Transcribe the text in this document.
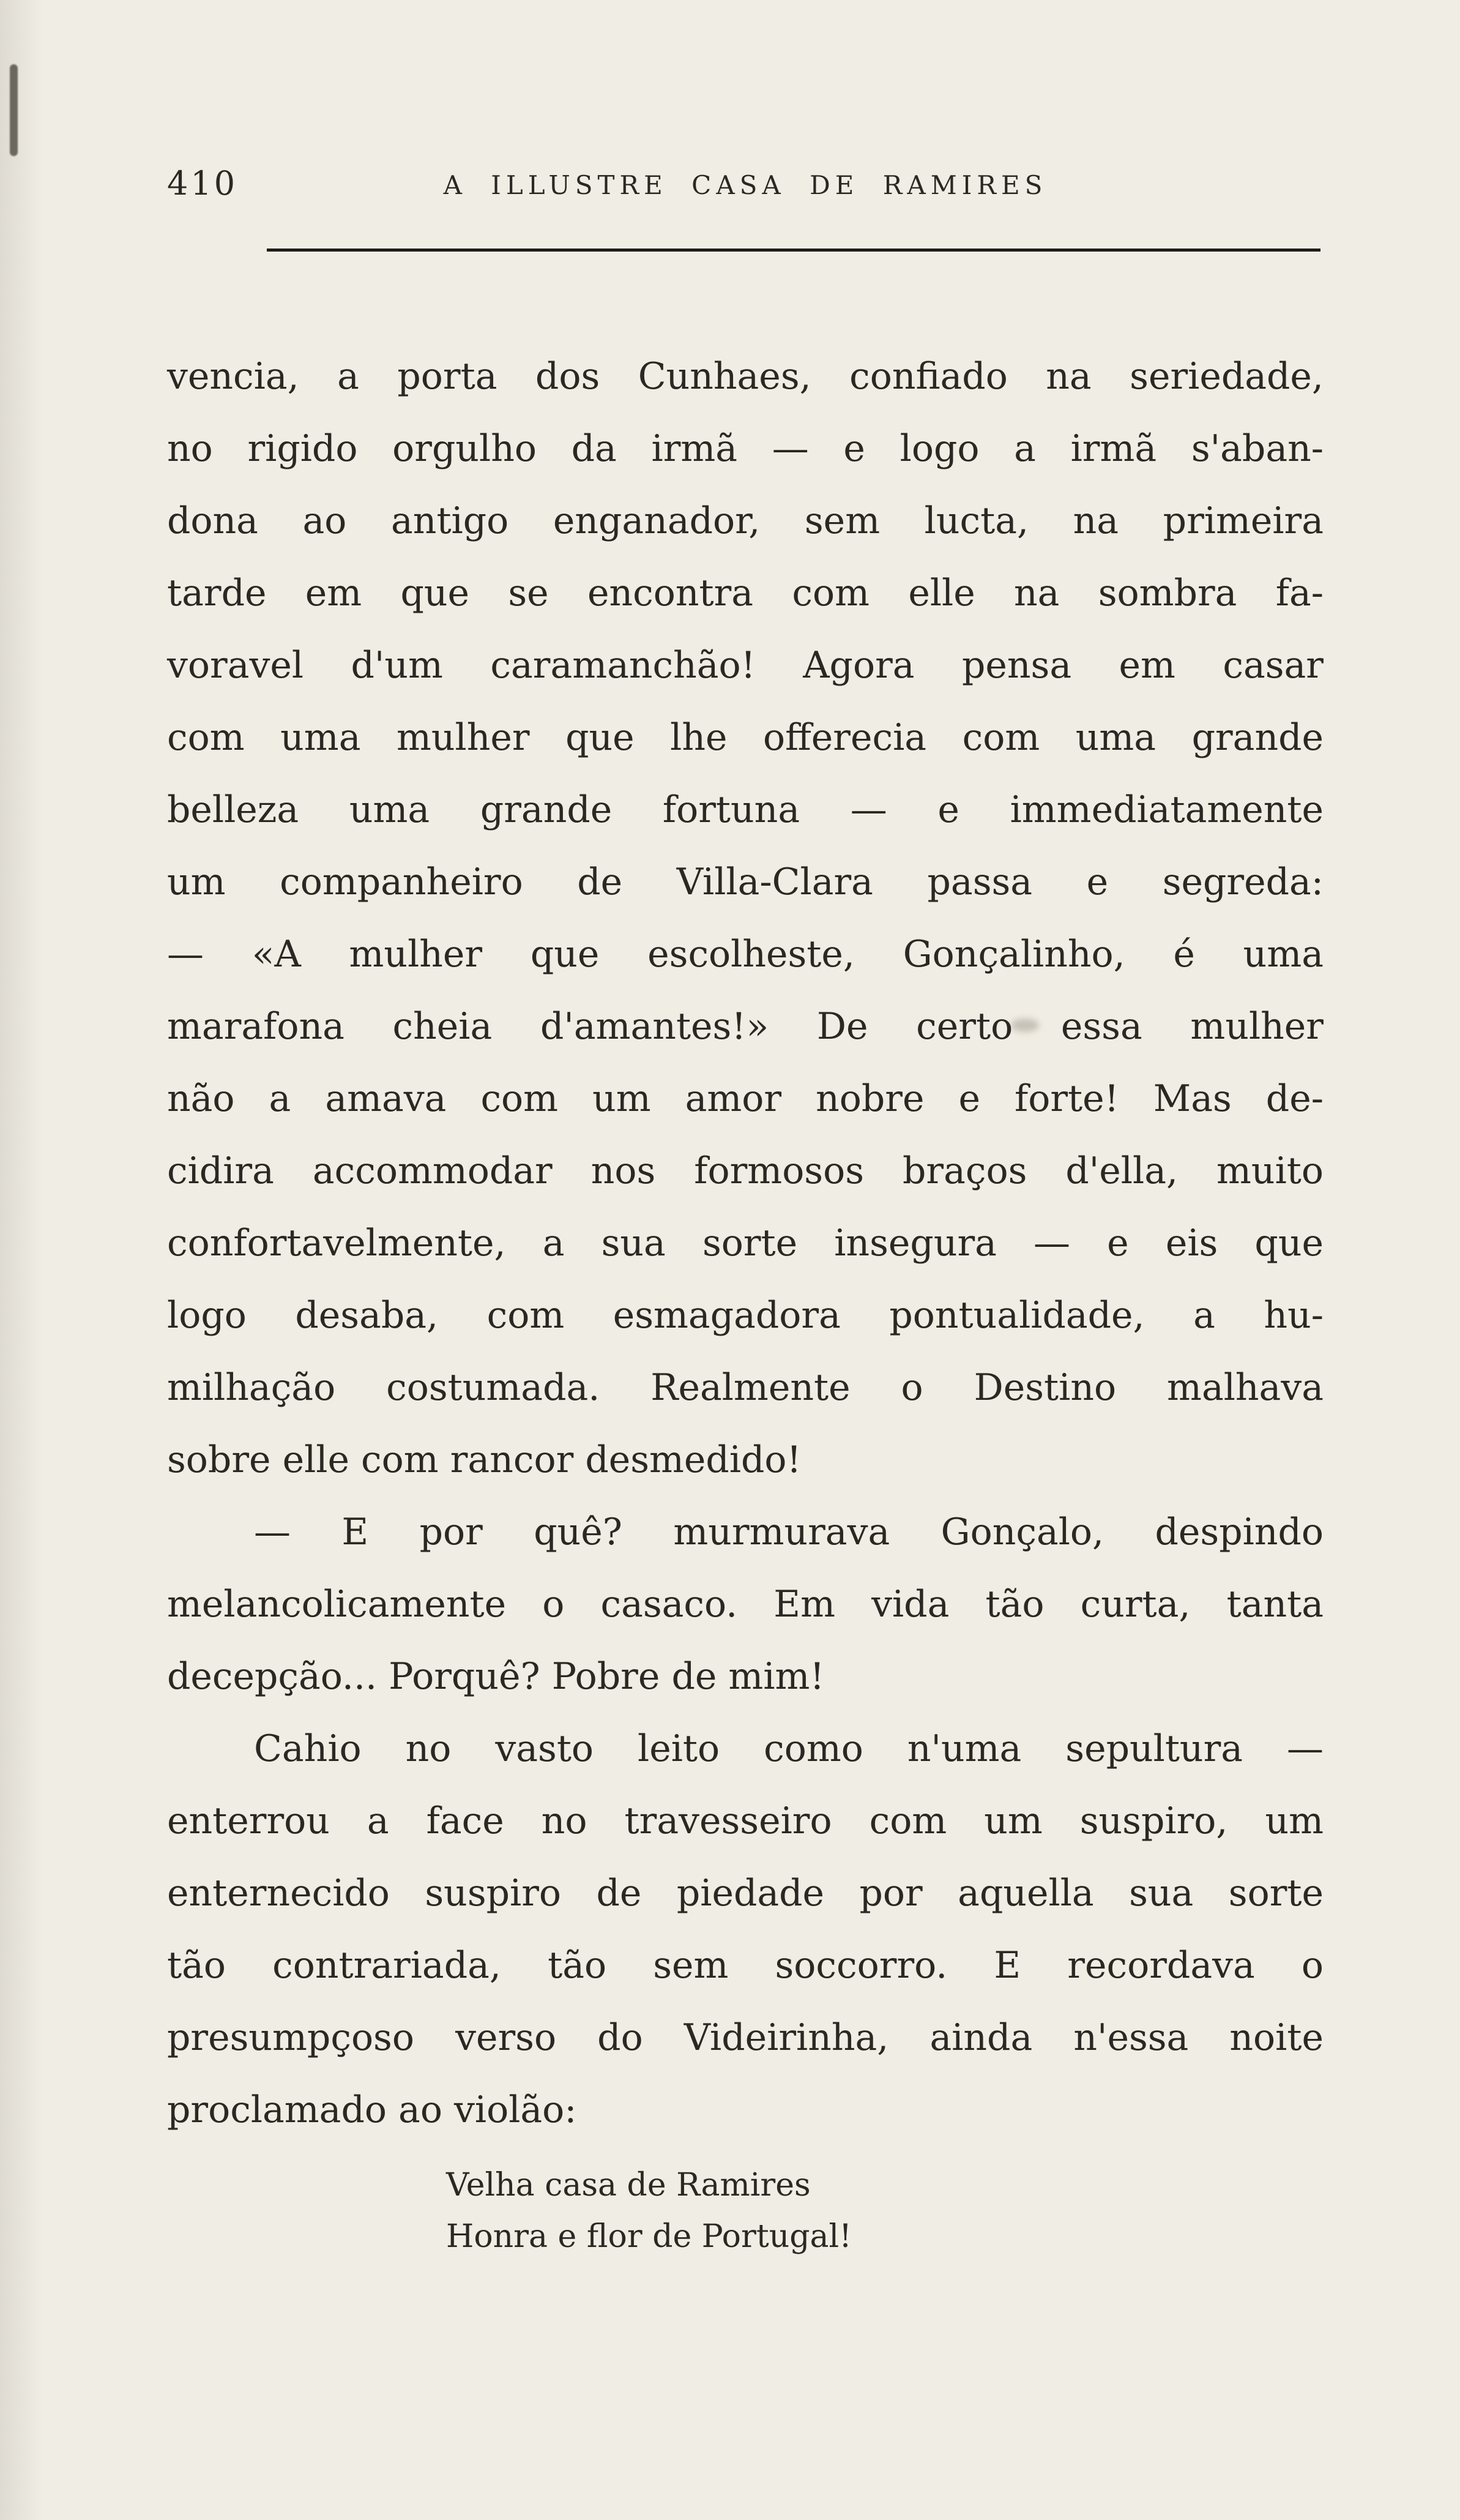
410	A ILLUSTRE CASA DE RAMIRES
vencia, a porta dos Cunhaes, confiado na seriedade,
no rigido orgulho da irmã — e logo a irmã s'aban-
dona ao antigo enganador, sem lucta, na primeira
tarde em que se encontra com elle na sombra fa-
voravel d'um caramanchão! Agora pensa em casar
com uma mulher que lhe offerecia com uma grande
belleza uma grande fortuna — e immediatamente
um companheiro de Villa-Clara passa e segreda:
— «A mulher que escolheste, Gonçalinho, é uma
marafona cheia d'amantes!» De certo essa mulher
não a amava com um amor nobre e forte! Mas de-
cidira accommodar nos formosos braços d'ella, muito
confortavelmente, a sua sorte insegura — e eis que
logo desaba, com esmagadora pontualidade, a hu-
milhação costumada. Realmente o Destino malhava
sobre elle com rancor desmedido!
— E por quê? murmurava Gonçalo, despindo
melancolicamente o casaco. Em vida tão curta, tanta
decepção... Porquê? Pobre de mim!
Cahio no vasto leito como n'uma sepultura —
enterrou a face no travesseiro com um suspiro, um
enternecido suspiro de piedade por aquella sua sorte
tão contrariada, tão sem soccorro. E recordava o
presumpçoso verso do Videirinha, ainda n'essa noite
proclamado ao violão:
Velha casa de Ramires
Honra e flor de Portugal!
